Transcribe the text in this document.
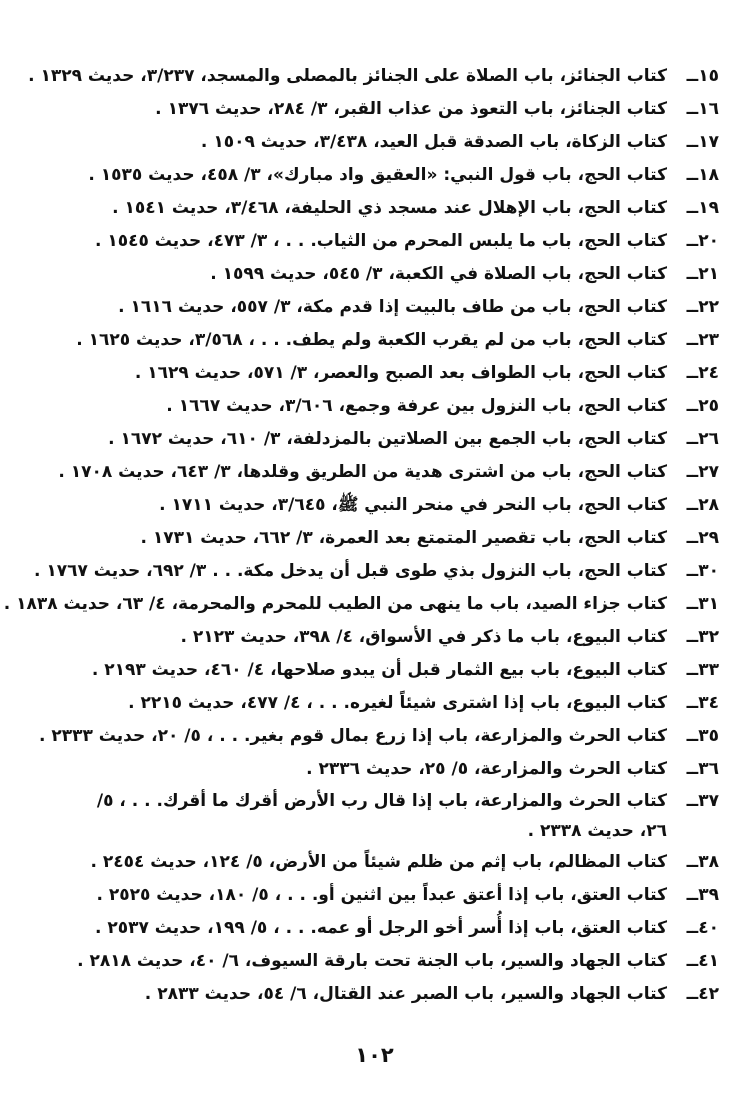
١٥ــ
كتاب الجنائز، باب الصلاة على الجنائز بالمصلى والمسجد، ٣/٢٣٧، حديث ١٣٢٩ .
١٦ــ
كتاب الجنائز، باب التعوذ من عذاب القبر، ٣/ ٢٨٤، حديث ١٣٧٦ .
١٧ــ
كتاب الزكاة، باب الصدقة قبل العيد، ٣/٤٣٨، حديث ١٥٠٩ .
١٨ــ
كتاب الحج، باب قول النبي: «العقيق واد مبارك»، ٣/ ٤٥٨، حديث ١٥٣٥ .
١٩ــ
كتاب الحج، باب الإهلال عند مسجد ذي الحليفة، ٣/٤٦٨، حديث ١٥٤١ .
٢٠ــ
كتاب الحج، باب ما يلبس المحرم من الثياب. . . ، ٣/ ٤٧٣، حديث ١٥٤٥ .
٢١ــ
كتاب الحج، باب الصلاة في الكعبة، ٣/ ٥٤٥، حديث ١٥٩٩ .
٢٢ــ
كتاب الحج، باب من طاف بالبيت إذا قدم مكة، ٣/ ٥٥٧، حديث ١٦١٦ .
٢٣ــ
كتاب الحج، باب من لم يقرب الكعبة ولم يطف. . . ، ٣/٥٦٨، حديث ١٦٢٥ .
٢٤ــ
كتاب الحج، باب الطواف بعد الصبح والعصر، ٣/ ٥٧١، حديث ١٦٢٩ .
٢٥ــ
كتاب الحج، باب النزول بين عرفة وجمع، ٣/٦٠٦، حديث ١٦٦٧ .
٢٦ــ
كتاب الحج، باب الجمع بين الصلاتين بالمزدلفة، ٣/ ٦١٠، حديث ١٦٧٢ .
٢٧ــ
كتاب الحج، باب من اشترى هدية من الطريق وقلدها، ٣/ ٦٤٣، حديث ١٧٠٨ .
٢٨ــ
كتاب الحج، باب النحر في منحر النبي ﷺ، ٣/٦٤٥، حديث ١٧١١ .
٢٩ــ
كتاب الحج، باب تقصير المتمتع بعد العمرة، ٣/ ٦٦٢، حديث ١٧٣١ .
٣٠ــ
كتاب الحج، باب النزول بذي طوى قبل أن يدخل مكة. . . ٣/ ٦٩٢، حديث ١٧٦٧ .
٣١ــ
كتاب جزاء الصيد، باب ما ينهى من الطيب للمحرم والمحرمة، ٤/ ٦٣، حديث ١٨٣٨ .
٣٢ــ
كتاب البيوع، باب ما ذكر في الأسواق، ٤/ ٣٩٨، حديث ٢١٢٣ .
٣٣ــ
كتاب البيوع، باب بيع الثمار قبل أن يبدو صلاحها، ٤/ ٤٦٠، حديث ٢١٩٣ .
٣٤ــ
كتاب البيوع، باب إذا اشترى شيئاً لغيره. . . ، ٤/ ٤٧٧، حديث ٢٢١٥ .
٣٥ــ
كتاب الحرث والمزارعة، باب إذا زرع بمال قوم بغير. . . ، ٥/ ٢٠، حديث ٢٣٣٣ .
٣٦ــ
كتاب الحرث والمزارعة، ٥/ ٢٥، حديث ٢٣٣٦ .
٣٧ــ
كتاب الحرث والمزارعة، باب إذا قال رب الأرض أقرك ما أقرك. . . ، ٥/ ٢٦، حديث ٢٣٣٨ .
٣٨ــ
كتاب المظالم، باب إثم من ظلم شيئاً من الأرض، ٥/ ١٢٤، حديث ٢٤٥٤ .
٣٩ــ
كتاب العتق، باب إذا أعتق عبداً بين اثنين أو. . . ، ٥/ ١٨٠، حديث ٢٥٢٥ .
٤٠ــ
كتاب العتق، باب إذا أُسر أخو الرجل أو عمه. . . ، ٥/ ١٩٩، حديث ٢٥٣٧ .
٤١ــ
كتاب الجهاد والسير، باب الجنة تحت بارقة السيوف، ٦/ ٤٠، حديث ٢٨١٨ .
٤٢ــ
كتاب الجهاد والسير، باب الصبر عند القتال، ٦/ ٥٤، حديث ٢٨٣٣ .
١٠٢
